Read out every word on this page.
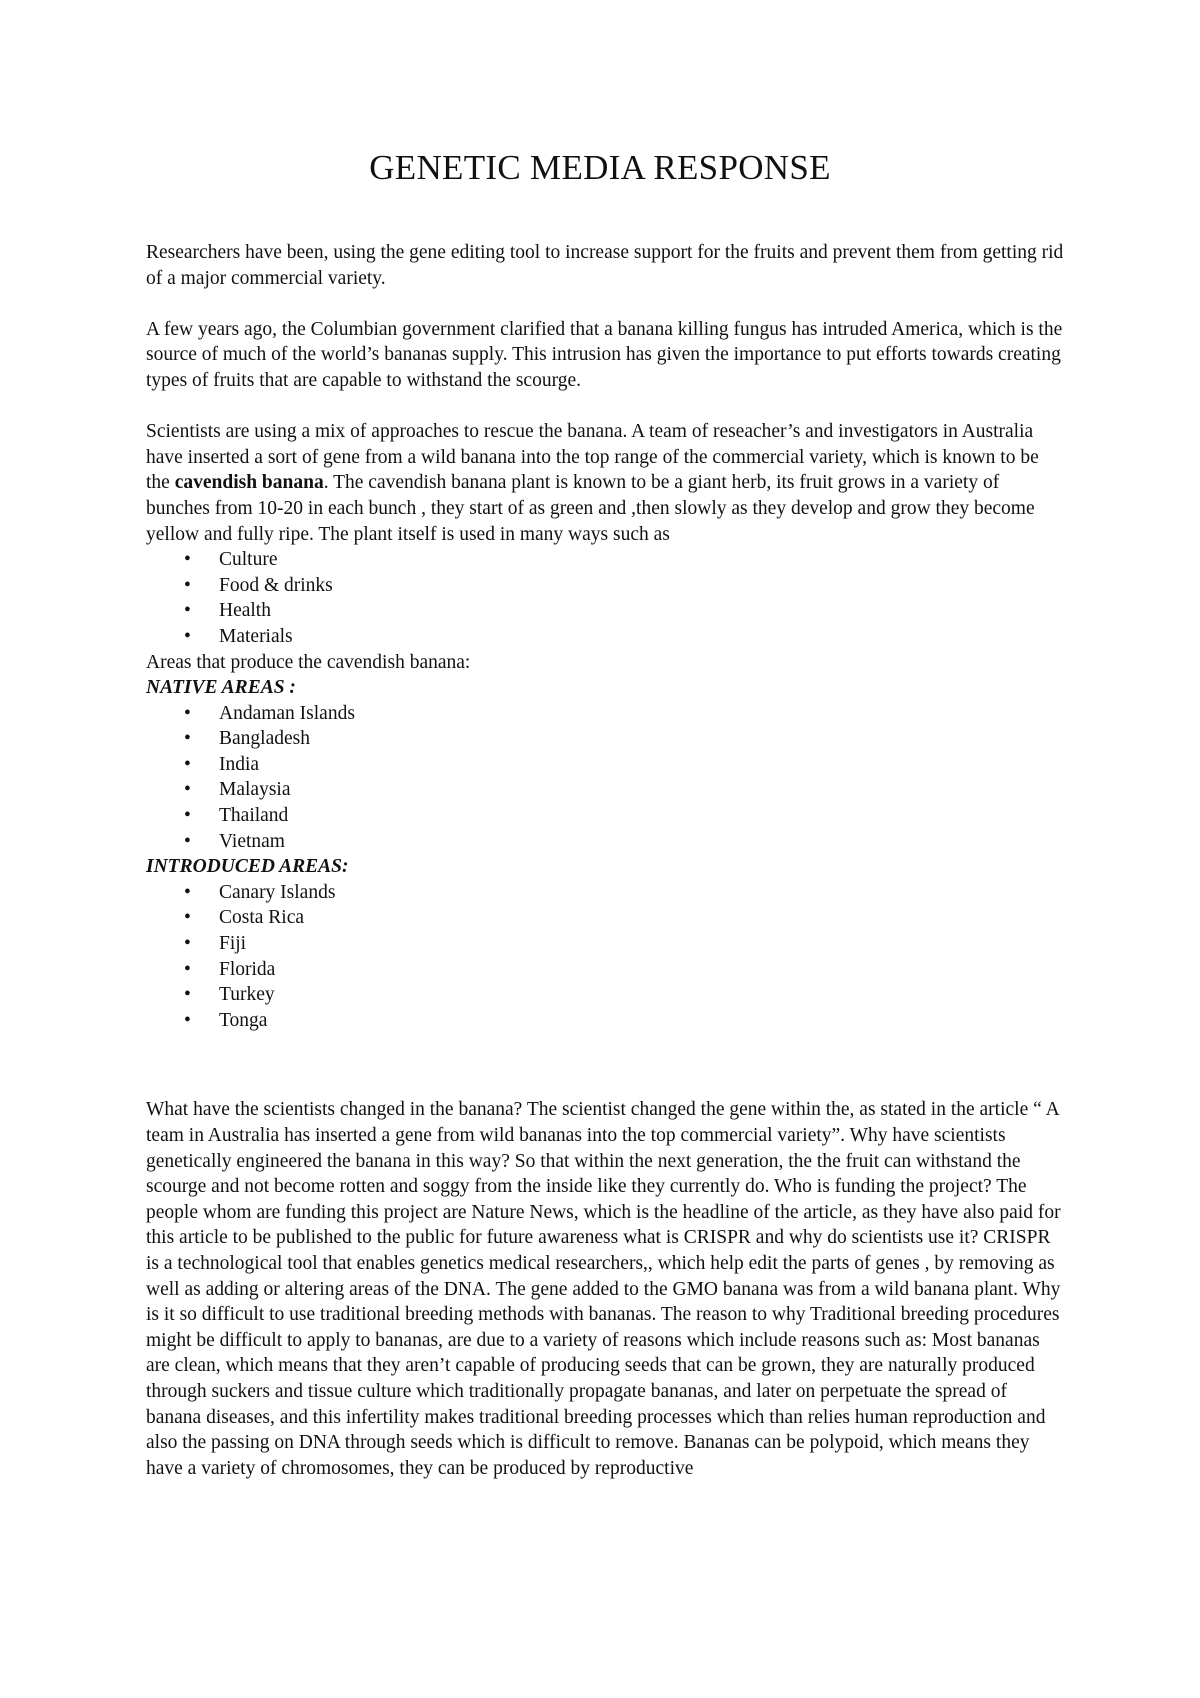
GENETIC MEDIA RESPONSE

Researchers have been, using the gene editing tool to increase support for the fruits and prevent them from getting rid of a major commercial variety.

A few years ago, the Columbian government clarified that a banana killing fungus has intruded America, which is the source of much of the world’s bananas supply. This intrusion has given the importance to put efforts towards creating types of fruits that are capable to withstand the scourge.

Scientists are using a mix of approaches to rescue the banana. A team of reseacher’s and investigators in Australia have inserted a sort of gene from a wild banana into the top range of the commercial variety, which is known to be the cavendish banana. The cavendish banana plant is known to be a giant herb, its fruit grows in a variety of bunches from 10-20 in each bunch , they start of as green and ,then slowly as they develop and grow they become yellow and fully ripe. The plant itself is used in many ways such as

• Culture
• Food & drinks
• Health
• Materials

Areas that produce the cavendish banana:

NATIVE AREAS :

• Andaman Islands
• Bangladesh
• India
• Malaysia
• Thailand
• Vietnam

INTRODUCED AREAS:

• Canary Islands
• Costa Rica
• Fiji
• Florida
• Turkey
• Tonga

What have the scientists changed in the banana? The scientist changed the gene within the, as stated in the article “ A team in Australia has inserted a gene from wild bananas into the top commercial variety”. Why have scientists genetically engineered the banana in this way? So that within the next generation, the the fruit can withstand the scourge and not become rotten and soggy from the inside like they currently do. Who is funding the project? The people whom are funding this project are Nature News, which is the headline of the article, as they have also paid for this article to be published to the public for future awareness what is CRISPR and why do scientists use it? CRISPR is a technological tool that enables genetics medical researchers,, which help edit the parts of genes , by removing as well as adding or altering areas of the DNA. The gene added to the GMO banana was from a wild banana plant. Why is it so difficult to use traditional breeding methods with bananas. The reason to why Traditional breeding procedures might be difficult to apply to bananas, are due to a variety of reasons which include reasons such as: Most bananas are clean, which means that they aren’t capable of producing seeds that can be grown, they are naturally produced through suckers and tissue culture which traditionally propagate bananas, and later on perpetuate the spread of banana diseases, and this infertility makes traditional breeding processes which than relies human reproduction and also the passing on DNA through seeds which is difficult to remove. Bananas can be polypoid, which means they have a variety of chromosomes, they can be produced by reproductive
